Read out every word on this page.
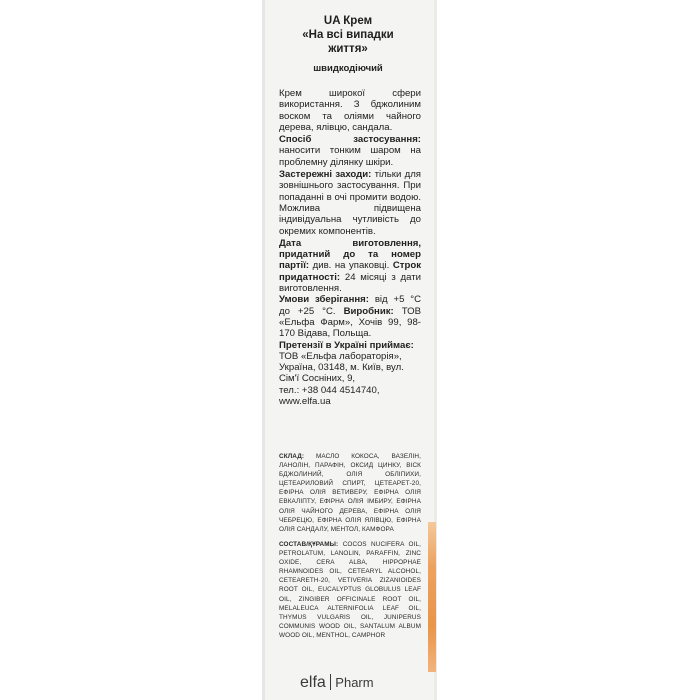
UA Крем
«На всі випадки
життя»
швидкодіючий

Крем широкої сфери використання. З бджолиним воском та оліями чайного дерева, ялівцю, сандала.

Спосіб застосування: наносити тонким шаром на проблемну ділянку шкіри.

Застережні заходи: тільки для зовнішнього застосування. При попаданні в очі промити водою. Можлива підвищена індивідуальна чутливість до окремих компонентів.

Дата виготовлення, придатний до та номер партії: див. на упаковці. Строк придатності: 24 місяці з дати виготовлення.

Умови зберігання: від +5 °С до +25 °С. Виробник: ТОВ «Ельфа Фарм», Хочів 99, 98-170 Відава, Польща.

Претензії в Україні приймає: ТОВ «Ельфа лабораторія», Україна, 03148, м. Київ, вул. Сім'ї Сосніних, 9,
тел.: +38 044 4514740,
www.elfa.ua

СКЛАД: МАСЛО КОКОСА, ВАЗЕЛІН, ЛАНОЛІН, ПАРАФІН, ОКСИД ЦИНКУ, ВІСК БДЖОЛИНИЙ, ОЛІЯ ОБЛІПИХИ, ЦЕТЕАРИЛОВИЙ СПИРТ, ЦЕТЕАРЕТ-20, ЕФІРНА ОЛІЯ ВЕТИВЕРУ, ЕФІРНА ОЛІЯ ЕВКАЛІПТУ, ЕФІРНА ОЛІЯ ІМБИРУ, ЕФІРНА ОЛІЯ ЧАЙНОГО ДЕРЕВА, ЕФІРНА ОЛІЯ ЧЕБРЕЦЮ, ЕФІРНА ОЛІЯ ЯЛІВЦЮ, ЕФІРНА ОЛІЯ САНДАЛУ, МЕНТОЛ, КАМФОРА
СОСТАВ/ҚҰРАМЫ: COCOS NUCIFERA OIL, PETROLATUM, LANOLIN, PARAFFIN, ZINC OXIDE, CERA ALBA, HIPPOPHAE RHAMNOIDES OIL, CETEARYL ALCOHOL, CETEARETH-20, VETIVERIA ZIZANIOIDES ROOT OIL, EUCALYPTUS GLOBULUS LEAF OIL, ZINGIBER OFFICINALE ROOT OIL, MELALEUCA ALTERNIFOLIA LEAF OIL, THYMUS VULGARIS OIL, JUNIPERUS COMMUNIS WOOD OIL, SANTALUM ALBUM WOOD OIL, MENTHOL, CAMPHOR
elfa Pharm
